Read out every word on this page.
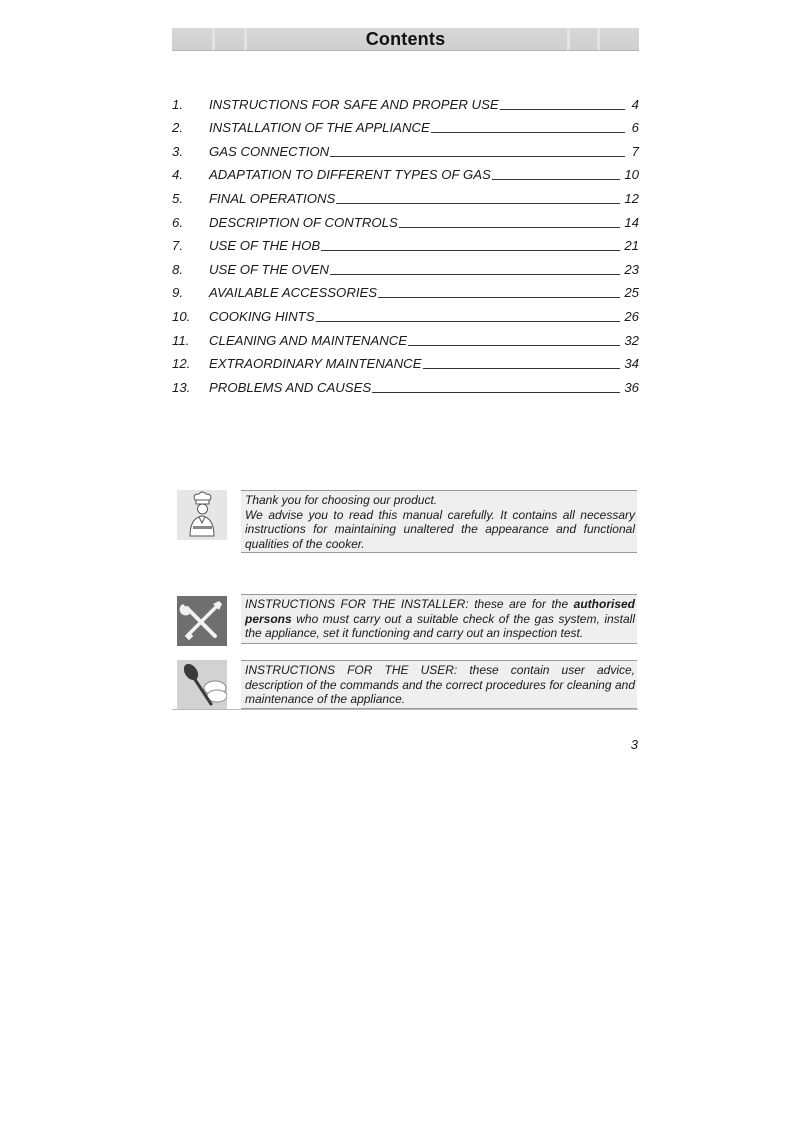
Contents
1.	INSTRUCTIONS FOR SAFE AND PROPER USE	4
2.	INSTALLATION OF THE APPLIANCE	6
3.	GAS CONNECTION	7
4.	ADAPTATION TO DIFFERENT TYPES OF GAS	10
5.	FINAL OPERATIONS	12
6.	DESCRIPTION OF CONTROLS	14
7.	USE OF THE HOB	21
8.	USE OF THE OVEN	23
9.	AVAILABLE ACCESSORIES	25
10.	COOKING HINTS	26
11.	CLEANING AND MAINTENANCE	32
12.	EXTRAORDINARY MAINTENANCE	34
13.	PROBLEMS AND CAUSES	36

Thank you for choosing our product.

We advise you to read this manual carefully. It contains all necessary instructions for maintaining unaltered the appearance and functional qualities of the cooker.

INSTRUCTIONS FOR THE INSTALLER: these are for the authorised persons who must carry out a suitable check of the gas system, install the appliance, set it functioning and carry out an inspection test.

INSTRUCTIONS FOR THE USER: these contain user advice, description of the commands and the correct procedures for cleaning and maintenance of the appliance.

3
